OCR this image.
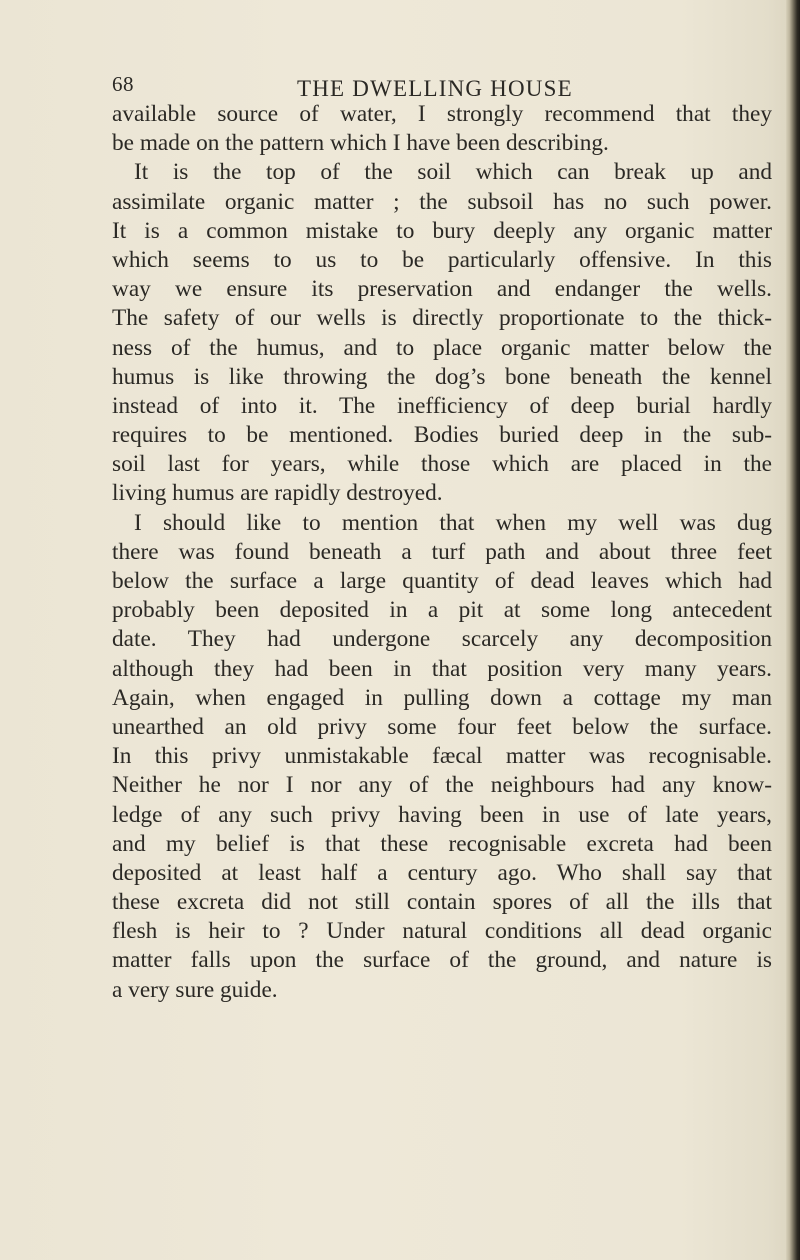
68	THE DWELLING HOUSE
available source of water, I strongly recommend that they
be made on the pattern which I have been describing.
It is the top of the soil which can break up and
assimilate organic matter ; the subsoil has no such power.
It is a common mistake to bury deeply any organic matter
which seems to us to be particularly offensive. In this
way we ensure its preservation and endanger the wells.
The safety of our wells is directly proportionate to the thick-
ness of the humus, and to place organic matter below the
humus is like throwing the dog’s bone beneath the kennel
instead of into it. The inefficiency of deep burial hardly
requires to be mentioned. Bodies buried deep in the sub-
soil last for years, while those which are placed in the
living humus are rapidly destroyed.
I should like to mention that when my well was dug
there was found beneath a turf path and about three feet
below the surface a large quantity of dead leaves which had
probably been deposited in a pit at some long antecedent
date. They had undergone scarcely any decomposition
although they had been in that position very many years.
Again, when engaged in pulling down a cottage my man
unearthed an old privy some four feet below the surface.
In this privy unmistakable fæcal matter was recognisable.
Neither he nor I nor any of the neighbours had any know-
ledge of any such privy having been in use of late years,
and my belief is that these recognisable excreta had been
deposited at least half a century ago. Who shall say that
these excreta did not still contain spores of all the ills that
flesh is heir to ? Under natural conditions all dead organic
matter falls upon the surface of the ground, and nature is
a very sure guide.
